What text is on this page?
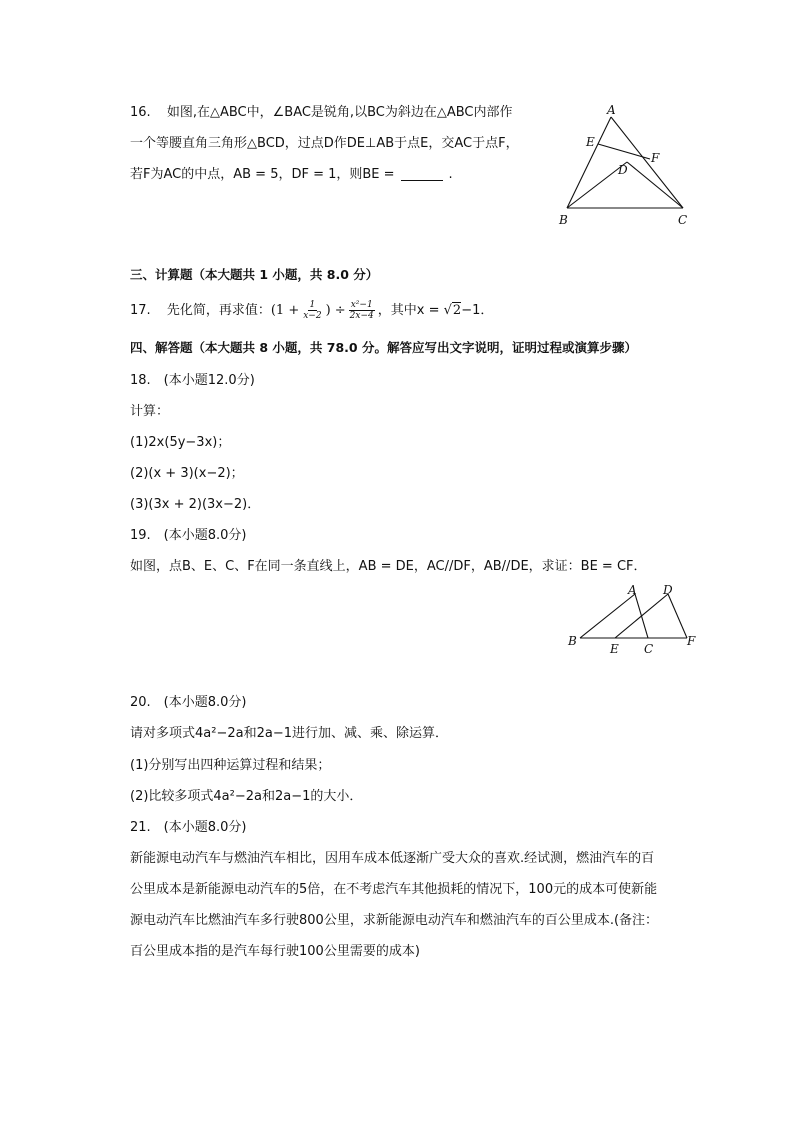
16. 如图,在△ABC中，∠BAC是锐角,以BC为斜边在△ABC内部作
一个等腰直角三角形△BCD，过点D作DE⊥AB于点E，交AC于点F，
若F为AC的中点，AB = 5，DF = 1，则BE =	.
A
E
F
D
B	C
三、计算题（本大题共 1 小题，共 8.0 分）
17. 先化简，再求值：($1 + \frac{1}{x-2}$ ) ÷ $\frac{\text{x²−1}}{2x-4}$ ，其中x = √2−1．
四、解答题（本大题共 8 小题，共 78.0 分。解答应写出文字说明，证明过程或演算步骤）
18.　(本小题12.0分)
计算：
(1)2x(5y−3x)；
(2)(x + 3)(x−2)；
(3)(3x + 2)(3x−2)．
19.　(本小题8.0分)
如图，点B、E、C、F在同一条直线上，AB = DE，AC//DF，AB//DE，求证：BE = CF．
A D
B
E C
F
20.　(本小题8.0分)
请对多项式4a²−2a和2a−1进行加、减、乘、除运算．
(1)分别写出四种运算过程和结果；
(2)比较多项式4a²−2a和2a−1的大小．
21.　(本小题8.0分)
新能源电动汽车与燃油汽车相比，因用车成本低逐渐广受大众的喜欢.经试测，燃油汽车的百
公里成本是新能源电动汽车的5倍，在不考虑汽车其他损耗的情况下，100元的成本可使新能
源电动汽车比燃油汽车多行驶800公里，求新能源电动汽车和燃油汽车的百公里成本.(备注：
百公里成本指的是汽车每行驶100公里需要的成本)
